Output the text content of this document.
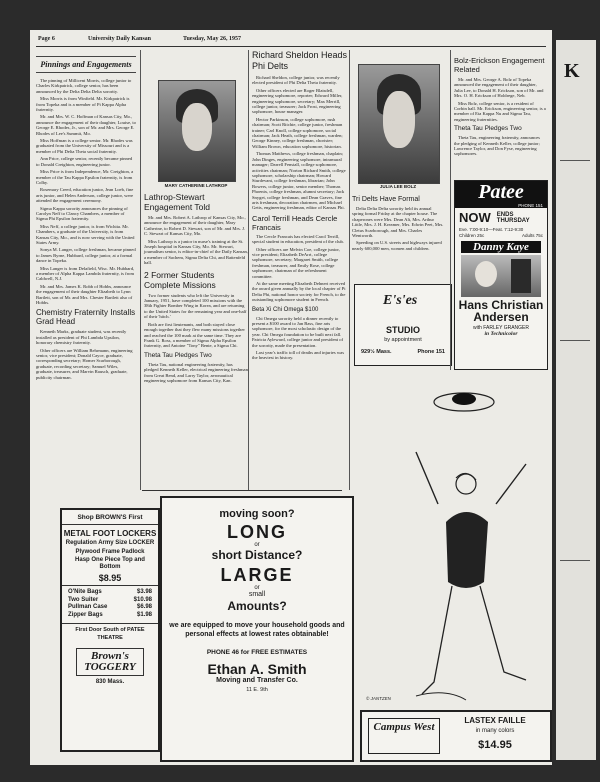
K
Page 6	University Daily Kansan	Tuesday, May 26, 1957
Pinnings and Engagements

The pinning of Millicent Morris, college junior to Charles Kirkpatrick, college senior, has been announced by the Delta Delta Delta sorority.

Miss Morris is from Winfield. Mr. Kirkpatrick is from Topeka and is a member of Pi Kappa Alpha fraternity.

Mr. and Mrs. W. C. Hoffman of Kansas City, Mo., announce the engagement of their daughter, Louise, to George E. Rhodes, Jr., son of Mr. and Mrs. George E. Rhodes of Lee's Summit, Mo.

Miss Hoffman is a college senior. Mr. Rhodes was graduated from the University of Missouri and is a member of Phi Delta Theta social fraternity.

Ann Price, college senior, recently became pinned to Donald Creighton, engineering junior.

Miss Price is from Independence, Mr. Creighton, a member of the Tau Kappa Epsilon fraternity, is from Colby.

Rosemary Creed, education junior, Jean Loeb, fine arts junior, and Helen Anderson, college junior, were attended the engagement ceremony.

Sigma Kappa sorority announces the pinning of Carolyn Neff to Clancy Chambers, a member of Sigma Phi Epsilon fraternity.

Miss Neff, a college junior, is from Wichita. Mr. Chambers, a graduate of the University, is from Kansas City, Mo., and is now serving with the United States Army.

Sonya M. Langer, college freshman, became pinned to James Byrne, Hubbard, college junior, at a formal dance in Topeka.

Miss Langer is from Delafield, Wisc. Mr. Hubbard, a member of Alpha Kappa Lambda fraternity, is from Caldwell, N.J.

Mr. and Mrs. James K. Robb of Hobbs, announce the engagement of their daughter Elizabeth to Lynn Bartlett, son of Mr. and Mrs. Chester Bartlett also of Hobbs.

Chemistry Fraternity Installs Grad Head

Kenneth Marks, graduate student, was recently installed as president of Phi Lambda Upsilon, honorary chemistry fraternity.

Other officers are William Behrmann, engineering senior, vice president; Donald Cayce, graduate, corresponding secretary; Homer Scarborough, graduate, recording secretary; Samuel Wiles, graduate, treasurer, and Marvin Rausch, graduate, publicity chairman.

Shop BROWN'S First
METAL FOOT LOCKERS
Regulation Army Size LOCKER
Plywood Frame Padlock Hasp One Piece Top and Bottom
$8.95
O'Nite Bags	$3.98
Two Suiter	$10.98
Pullman Case	$6.98
Zipper Bags	$1.98
First Door South of PATEE THEATRE
Brown's TOGGERY
830 Mass.
MARY CATHERINE LATHROP
Lathrop-Stewart Engagement Told

Mr. and Mrs. Robert A. Lathrop of Kansas City, Mo., announce the engagement of their daughter, Mary Catherine, to Robert D. Stewart, son of Mr. and Mrs. J. C. Stewart of Kansas City, Mo.

Miss Lathrop is a junior in nurse's training at the St. Joseph hospital in Kansas City, Mo. Mr. Stewart, journalism senior, is editor-in-chief of the Daily Kansan, a member of Sachem, Sigma Delta Chi, and Battenfeld hall.

2 Former Students Complete Missions

Two former students who left the University in January, 1951, have completed 100 missions with the 38th Fighter Bomber Wing in Korea, and are returning to the United States for the remaining year and one-half of their 'hitch.'

Both are first lieutenants, and both stayed close enough together that they flew many missions together and reached the 100 mark at the same time. They are Frank G. Ross, a member of Sigma Alpha Epsilon fraternity, and Antoine "Tony" Bente, a Sigma Chi.

Theta Tau Pledges Two

Theta Tau, national engineering fraternity, has pledged Kenneth Keller, electrical engineering freshman from Great Bend, and Larry Taylor, aeronautical engineering sophomore from Kansas City, Kan.

Richard Sheldon Heads Phi Delts

Richard Sheldon, college junior, was recently elected president of Phi Delta Theta fraternity.

Other officers elected are Roger Blaisdell, engineering sophomore, reporter; Edward Miller, engineering sophomore, secretary; Max Merrill, college junior, treasurer; Jack Frost, engineering sophomore, house manager.

Hector Parkinson, college sophomore, rush chairman; Scott Ritchie, college junior, freshman trainer; Carl Knoll, college sophomore, social chairman; Jack Heath, college freshman, warden; George Kinney, college freshman, chorister; William Brown, education sophomore, historian.

Thomas Matthews, college freshman, chaplain; John Dinges, engineering sophomore, intramural manager; Darrell Fenstall, college sophomore, activities chairman; Norton Richard Smith, college sophomore, scholarship chairman; Howard Sturdevant, college freshman, librarian; John Bowers, college junior, senior member; Thomas Phoenix, college freshman, alumni secretary; Jack Snyget, college freshman, and Dean Graves, fine arts freshman, decoration chairmen, and Michael Getts, engineering freshman, editor of Kansas Phi.

Carol Terrill Heads Cercle Francais

The Cercle Francais has elected Carol Terrill, special student in education, president of the club.

Other officers are Melvin Coe, college junior, vice president; Elizabeth DeArrt, college sophomore, secretary; Margaret Smith, college freshman, treasurer, and Emily Rose, college sophomore, chairman of the refreshment committee.

At the same meeting Elizabeth Dehnert received the award given annually by the local chapter of Pi Delta Phi, national honor society for French, to the outstanding sophomore student in French.

Beta Xi Chi Omega $100

Chi Omega sorority held a dinner recently to present a $100 award to Jan Bass, fine arts sophomore, for the most scholastic design of the year. Chi Omega foundation to be built next fall. Patricia Ayleward, college junior and president of the sorority, made the presentation.

Last year's traffic toll of deaths and injuries was the heaviest in history.

JULIA LEE BOLZ
Tri Delts Have Formal

Delta Delta Delta sorority held its annual spring formal Friday at the chapter house. The chaperones were Mrs. Dean Alt, Mrs. Arthur Little, Mrs. J. H. Kreamer, Mrs. Edwin Peet, Mrs. Cletus Scarborough, and Mrs. Charles Wentworth.

Speeding on U.S. streets and highways injured nearly 600,000 men, women and children.

E's'es
STUDIO
by appointment
929½ Mass.	Phone 151
Bolz-Erickson Engagement Related

Mr. and Mrs. George A. Bolz of Topeka announced the engagement of their daughter, Julia Lee, to Donald H. Erickson, son of Mr. and Mrs. O. H. Erickson of Holdrege, Neb.

Miss Bolz, college senior, is a resident of Corbin hall. Mr. Erickson, engineering senior, is a member of Eta Kappa Nu and Sigma Tau, engineering fraternities.

Theta Tau Pledges Two

Theta Tau, engineering fraternity, announces the pledging of Kenneth Keller, college junior; Lawrence Taylor, and Don Fyse, engineering sophomores.

Patee
PHONE 151
NOW ENDS THURSDAY
Eve. 7:00-9:10—Feat. 7:12-9:30
Children 25c	Adults 75c
Danny Kaye
Hans Christian Andersen
with FARLEY GRANGER
in Technicolor
moving soon?
LONG
or
short Distance?
LARGE
or
small
Amounts?
we are equipped to move your household goods and personal effects at lowest rates obtainable!
PHONE 46 for FREE ESTIMATES
Ethan A. Smith
Moving and Transfer Co.
11 E. 9th
© JANTZEN
Campus West
LASTEX FAILLE
in many colors
$14.95
